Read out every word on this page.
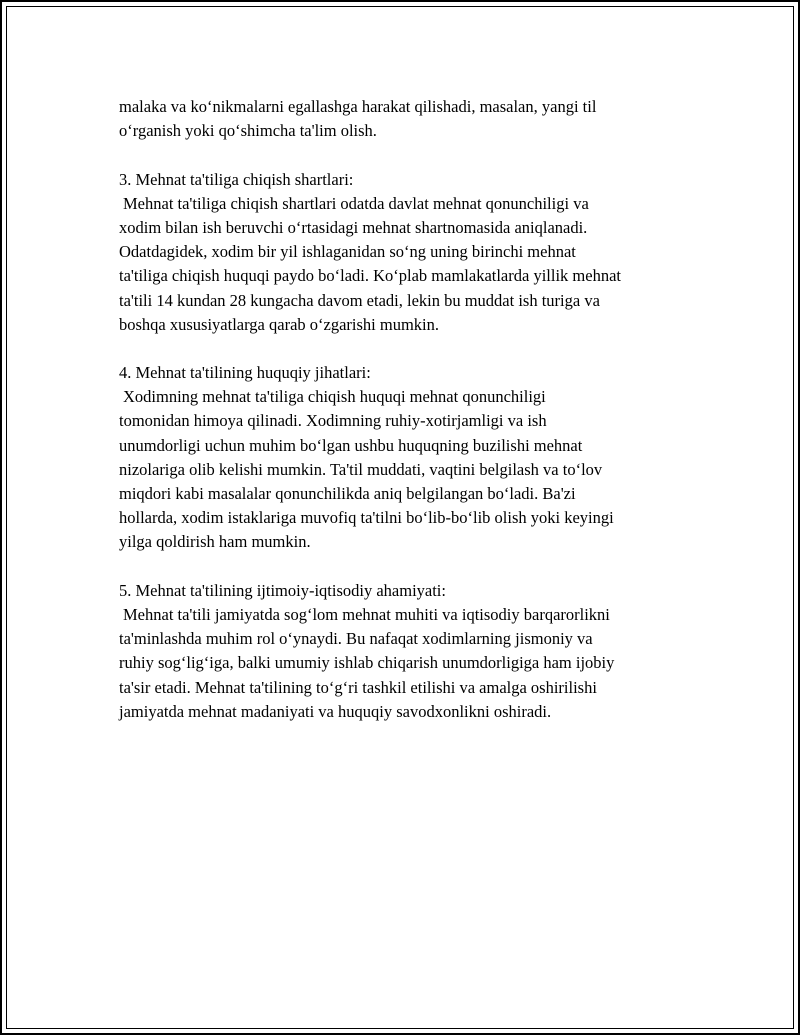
malaka va ko‘nikmalarni egallashga harakat qilishadi, masalan, yangi til
o‘rganish yoki qo‘shimcha ta'lim olish.
3. Mehnat ta'tiliga chiqish shartlari:
Mehnat ta'tiliga chiqish shartlari odatda davlat mehnat qonunchiligi va
xodim bilan ish beruvchi o‘rtasidagi mehnat shartnomasida aniqlanadi.
Odatdagidek, xodim bir yil ishlaganidan so‘ng uning birinchi mehnat
ta'tiliga chiqish huquqi paydo bo‘ladi. Ko‘plab mamlakatlarda yillik mehnat
ta'tili 14 kundan 28 kungacha davom etadi, lekin bu muddat ish turiga va
boshqa xususiyatlarga qarab o‘zgarishi mumkin.
4. Mehnat ta'tilining huquqiy jihatlari:
Xodimning mehnat ta'tiliga chiqish huquqi mehnat qonunchiligi
tomonidan himoya qilinadi. Xodimning ruhiy-xotirjamligi va ish
unumdorligi uchun muhim bo‘lgan ushbu huquqning buzilishi mehnat
nizolariga olib kelishi mumkin. Ta'til muddati, vaqtini belgilash va to‘lov
miqdori kabi masalalar qonunchilikda aniq belgilangan bo‘ladi. Ba'zi
hollarda, xodim istaklariga muvofiq ta'tilni bo‘lib-bo‘lib olish yoki keyingi
yilga qoldirish ham mumkin.
5. Mehnat ta'tilining ijtimoiy-iqtisodiy ahamiyati:
Mehnat ta'tili jamiyatda sog‘lom mehnat muhiti va iqtisodiy barqarorlikni
ta'minlashda muhim rol o‘ynaydi. Bu nafaqat xodimlarning jismoniy va
ruhiy sog‘lig‘iga, balki umumiy ishlab chiqarish unumdorligiga ham ijobiy
ta'sir etadi. Mehnat ta'tilining to‘g‘ri tashkil etilishi va amalga oshirilishi
jamiyatda mehnat madaniyati va huquqiy savodxonlikni oshiradi.
